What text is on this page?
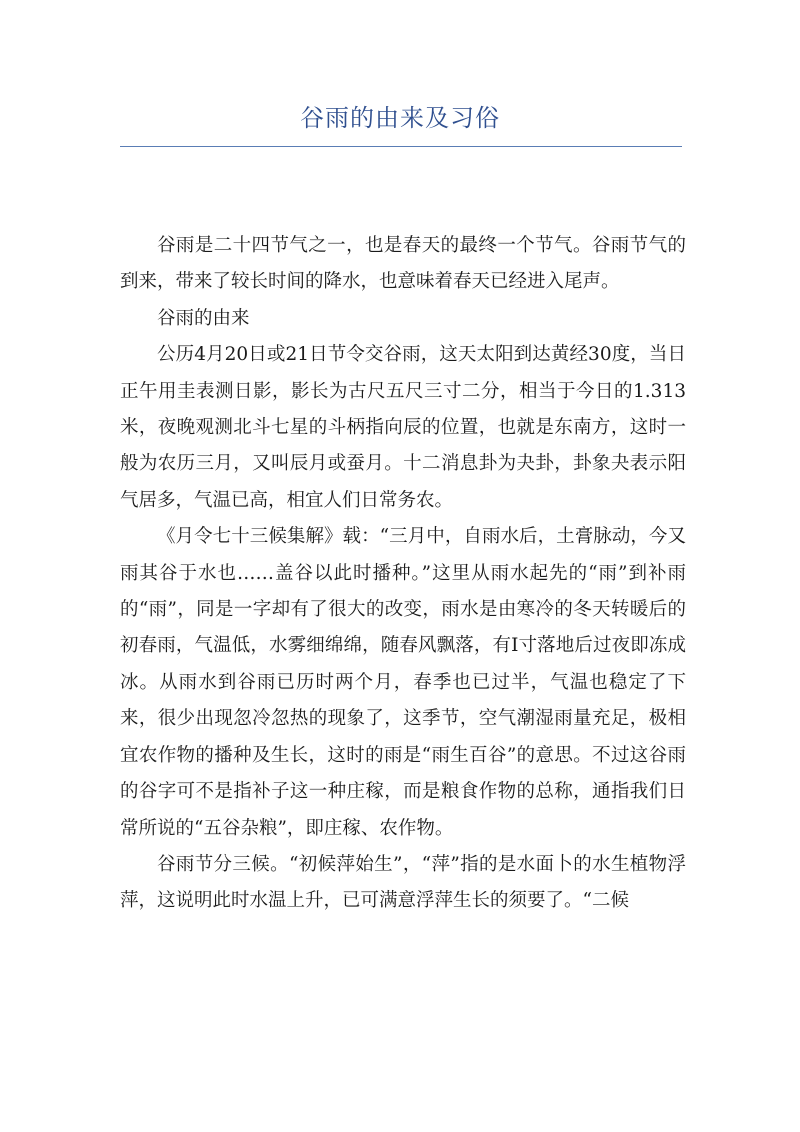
谷雨的由来及习俗

谷雨是二十四节气之一，也是春天的最终一个节气。谷雨节气的到来，带来了较长时间的降水，也意味着春天已经进入尾声。

谷雨的由来

公历4月20日或21日节令交谷雨，这天太阳到达黄经30度，当日正午用圭表测日影，影长为古尺五尺三寸二分，相当于今日的1.313米，夜晚观测北斗七星的斗柄指向辰的位置，也就是东南方，这时一般为农历三月，又叫辰月或蚕月。十二消息卦为夬卦，卦象夬表示阳气居多，气温已高，相宜人们日常务农。

《月令七十三候集解》载：“三月中，自雨水后，土膏脉动，今又雨其谷于水也……盖谷以此时播种。”这里从雨水起先的“雨”到补雨的“雨”，同是一字却有了很大的改变，雨水是由寒冷的冬天转暖后的初春雨，气温低，水雾细绵绵，随春风飘落，有Ⅰ寸落地后过夜即冻成冰。从雨水到谷雨已历时两个月，春季也已过半，气温也稳定了下来，很少出现忽冷忽热的现象了，这季节，空气潮湿雨量充足，极相宜农作物的播种及生长，这时的雨是“雨生百谷”的意思。不过这谷雨的谷字可不是指补子这一种庄稼，而是粮食作物的总称，通指我们日常所说的“五谷杂粮”，即庄稼、农作物。

谷雨节分三候。“初候萍始生”，“萍”指的是水面卜的水生植物浮萍，这说明此时水温上升，已可满意浮萍生长的须要了。“二候
